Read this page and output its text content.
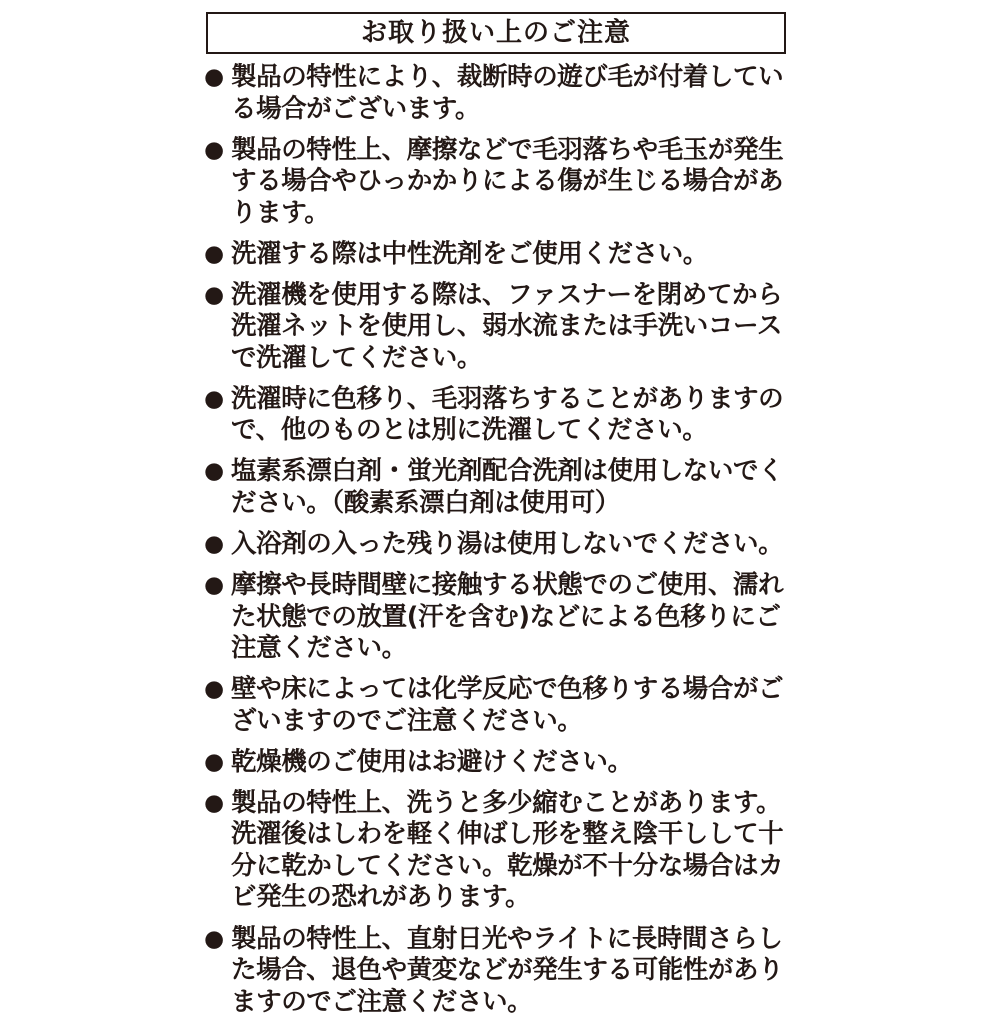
お取り扱い上のご注意
● 製品の特性により、裁断時の遊び毛が付着している場合がございます。
● 製品の特性上、摩擦などで毛羽落ちや毛玉が発生する場合やひっかかりによる傷が生じる場合があります。
● 洗濯する際は中性洗剤をご使用ください。
● 洗濯機を使用する際は、ファスナーを閉めてから洗濯ネットを使用し、弱水流または手洗いコースで洗濯してください。
● 洗濯時に色移り、毛羽落ちすることがありますので、他のものとは別に洗濯してください。
● 塩素系漂白剤・蛍光剤配合洗剤は使用しないでください。（酸素系漂白剤は使用可）
● 入浴剤の入った残り湯は使用しないでください。
● 摩擦や長時間壁に接触する状態でのご使用、濡れた状態での放置(汗を含む)などによる色移りにご注意ください。
● 壁や床によっては化学反応で色移りする場合がございますのでご注意ください。
● 乾燥機のご使用はお避けください。
● 製品の特性上、洗うと多少縮むことがあります。洗濯後はしわを軽く伸ばし形を整え陰干しして十分に乾かしてください。乾燥が不十分な場合はカビ発生の恐れがあります。
● 製品の特性上、直射日光やライトに長時間さらした場合、退色や黄変などが発生する可能性がありますのでご注意ください。
